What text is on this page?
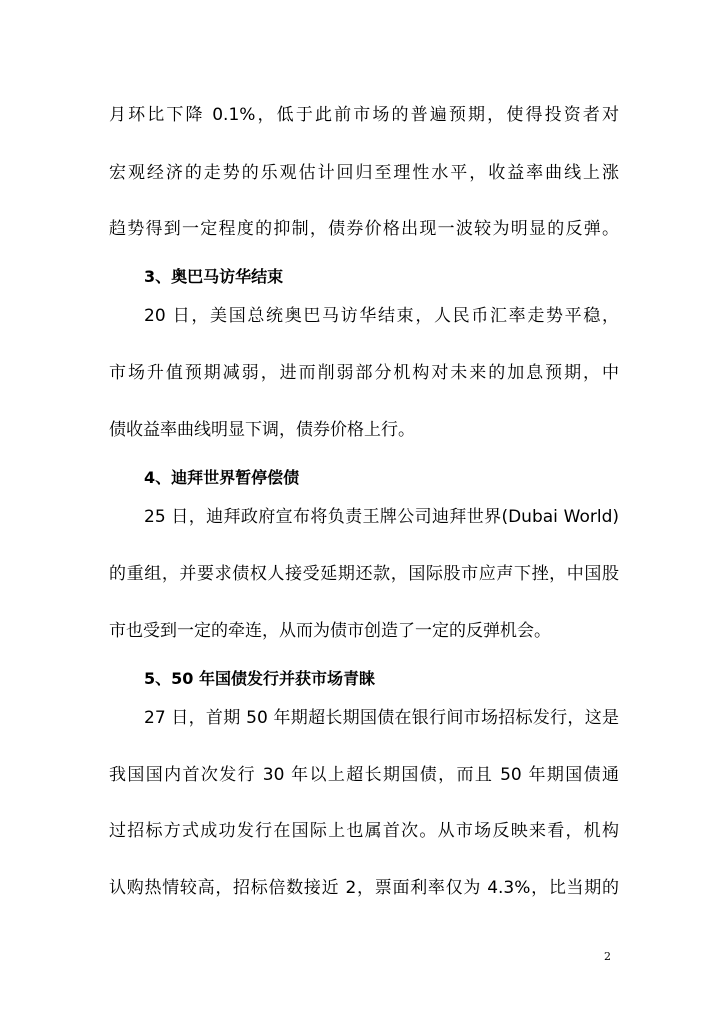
月环比下降 0.1%，低于此前市场的普遍预期，使得投资者对
宏观经济的走势的乐观估计回归至理性水平，收益率曲线上涨
趋势得到一定程度的抑制，债券价格出现一波较为明显的反弹。
3、奥巴马访华结束
20 日，美国总统奥巴马访华结束，人民币汇率走势平稳，
市场升值预期减弱，进而削弱部分机构对未来的加息预期，中
债收益率曲线明显下调，债券价格上行。
4、迪拜世界暂停偿债
25 日，迪拜政府宣布将负责王牌公司迪拜世界(Dubai World)
的重组，并要求债权人接受延期还款，国际股市应声下挫，中国股
市也受到一定的牵连，从而为债市创造了一定的反弹机会。
5、50 年国债发行并获市场青睐
27 日，首期 50 年期超长期国债在银行间市场招标发行，这是
我国国内首次发行 30 年以上超长期国债，而且 50 年期国债通
过招标方式成功发行在国际上也属首次。从市场反映来看，机构
认购热情较高，招标倍数接近 2，票面利率仅为 4.3%，比当期的
2
